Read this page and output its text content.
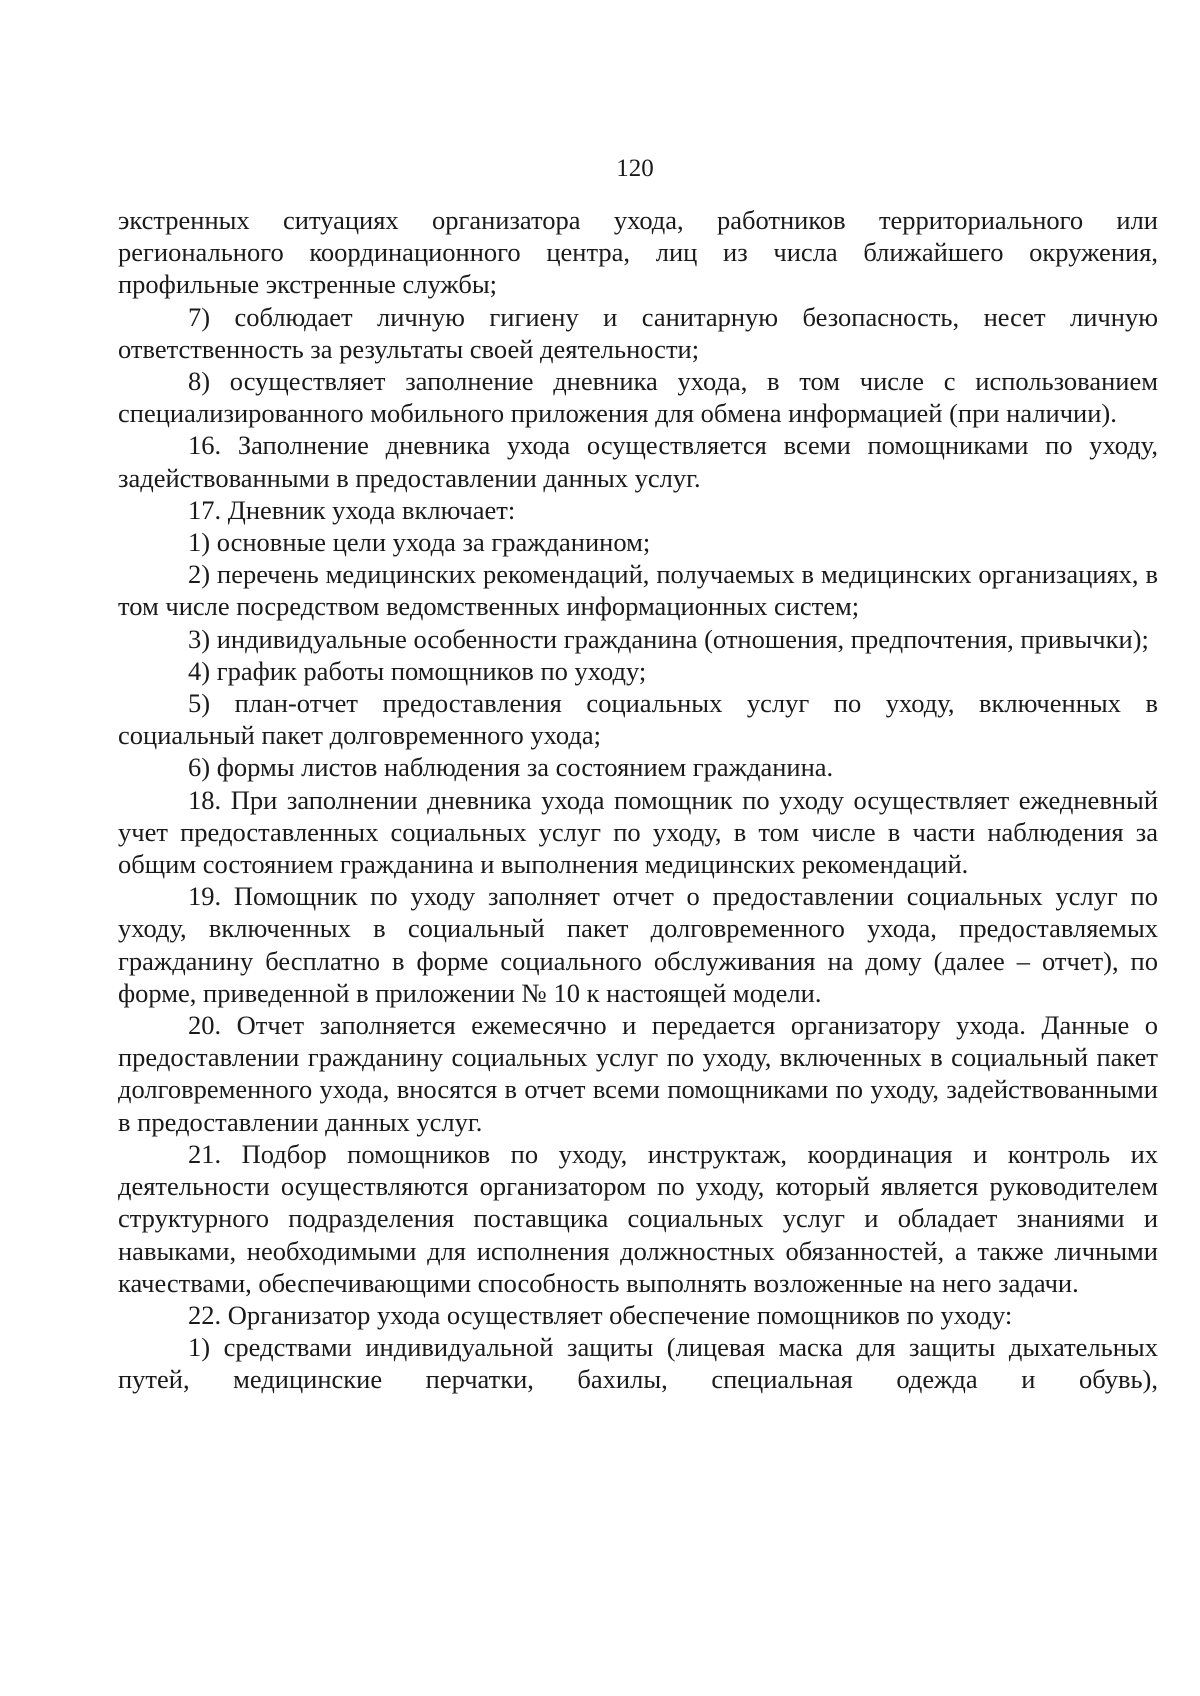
120

экстренных ситуациях организатора ухода, работников территориального или регионального координационного центра, лиц из числа ближайшего окружения, профильные экстренные службы;

7) соблюдает личную гигиену и санитарную безопасность, несет личную ответственность за результаты своей деятельности;

8) осуществляет заполнение дневника ухода, в том числе с использованием специализированного мобильного приложения для обмена информацией (при наличии).

16. Заполнение дневника ухода осуществляется всеми помощниками по уходу, задействованными в предоставлении данных услуг.

17. Дневник ухода включает:

1) основные цели ухода за гражданином;

2) перечень медицинских рекомендаций, получаемых в медицинских организациях, в том числе посредством ведомственных информационных систем;

3) индивидуальные особенности гражданина (отношения, предпочтения, привычки);

4) график работы помощников по уходу;

5) план-отчет предоставления социальных услуг по уходу, включенных в социальный пакет долговременного ухода;

6) формы листов наблюдения за состоянием гражданина.

18. При заполнении дневника ухода помощник по уходу осуществляет ежедневный учет предоставленных социальных услуг по уходу, в том числе в части наблюдения за общим состоянием гражданина и выполнения медицинских рекомендаций.

19. Помощник по уходу заполняет отчет о предоставлении социальных услуг по уходу, включенных в социальный пакет долговременного ухода, предоставляемых гражданину бесплатно в форме социального обслуживания на дому (далее – отчет), по форме, приведенной в приложении № 10 к настоящей модели.

20. Отчет заполняется ежемесячно и передается организатору ухода. Данные о предоставлении гражданину социальных услуг по уходу, включенных в социальный пакет долговременного ухода, вносятся в отчет всеми помощниками по уходу, задействованными в предоставлении данных услуг.

21. Подбор помощников по уходу, инструктаж, координация и контроль их деятельности осуществляются организатором по уходу, который является руководителем структурного подразделения поставщика социальных услуг и обладает знаниями и навыками, необходимыми для исполнения должностных обязанностей, а также личными качествами, обеспечивающими способность выполнять возложенные на него задачи.

22. Организатор ухода осуществляет обеспечение помощников по уходу:

1) средствами индивидуальной защиты (лицевая маска для защиты дыхательных путей, медицинские перчатки, бахилы, специальная одежда и обувь),
